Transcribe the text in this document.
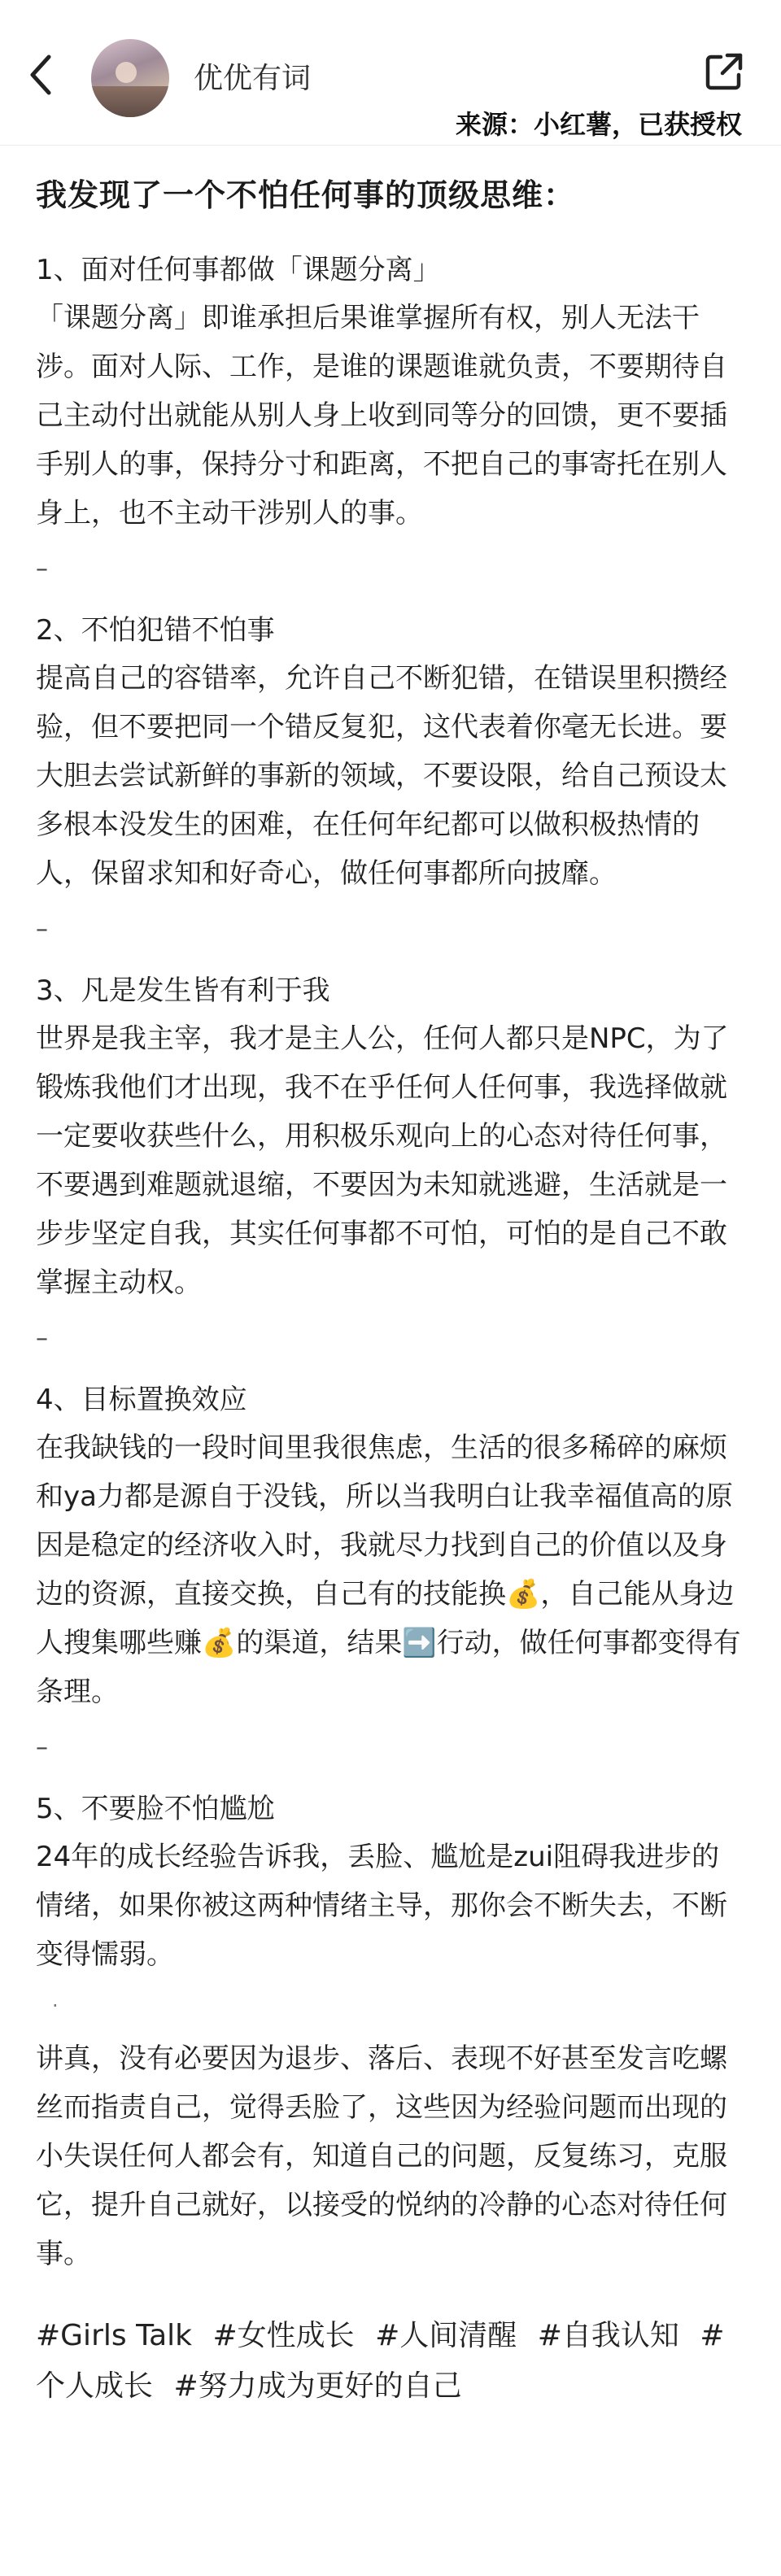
优优有词
来源：小红薯，已获授权
我发现了一个不怕任何事的顶级思维：

1、面对任何事都做「课题分离」

「课题分离」即谁承担后果谁掌握所有权，别人无法干涉。面对人际、工作，是谁的课题谁就负责，不要期待自己主动付出就能从别人身上收到同等分的回馈，更不要插手别人的事，保持分寸和距离，不把自己的事寄托在别人身上，也不主动干涉别人的事。

–

2、不怕犯错不怕事

提高自己的容错率，允许自己不断犯错，在错误里积攒经验，但不要把同一个错反复犯，这代表着你毫无长进。要大胆去尝试新鲜的事新的领域，不要设限，给自己预设太多根本没发生的困难，在任何年纪都可以做积极热情的人，保留求知和好奇心，做任何事都所向披靡。

–

3、凡是发生皆有利于我

世界是我主宰，我才是主人公，任何人都只是NPC，为了锻炼我他们才出现，我不在乎任何人任何事，我选择做就一定要收获些什么，用积极乐观向上的心态对待任何事，不要遇到难题就退缩，不要因为未知就逃避，生活就是一步步坚定自我，其实任何事都不可怕，可怕的是自己不敢掌握主动权。

–

4、目标置换效应

在我缺钱的一段时间里我很焦虑，生活的很多稀碎的麻烦和ya力都是源自于没钱，所以当我明白让我幸福值高的原因是稳定的经济收入时，我就尽力找到自己的价值以及身边的资源，直接交换，自己有的技能换💰，自己能从身边人搜集哪些赚💰的渠道，结果➡️行动，做任何事都变得有条理。

–

5、不要脸不怕尴尬

24年的成长经验告诉我，丢脸、尴尬是zui阻碍我进步的情绪，如果你被这两种情绪主导，那你会不断失去，不断变得懦弱。

·

讲真，没有必要因为退步、落后、表现不好甚至发言吃螺丝而指责自己，觉得丢脸了，这些因为经验问题而出现的小失误任何人都会有，知道自己的问题，反复练习，克服它，提升自己就好，以接受的悦纳的冷静的心态对待任何事。

#Girls Talk #女性成长 #人间清醒 #自我认知 #个人成长 #努力成为更好的自己
